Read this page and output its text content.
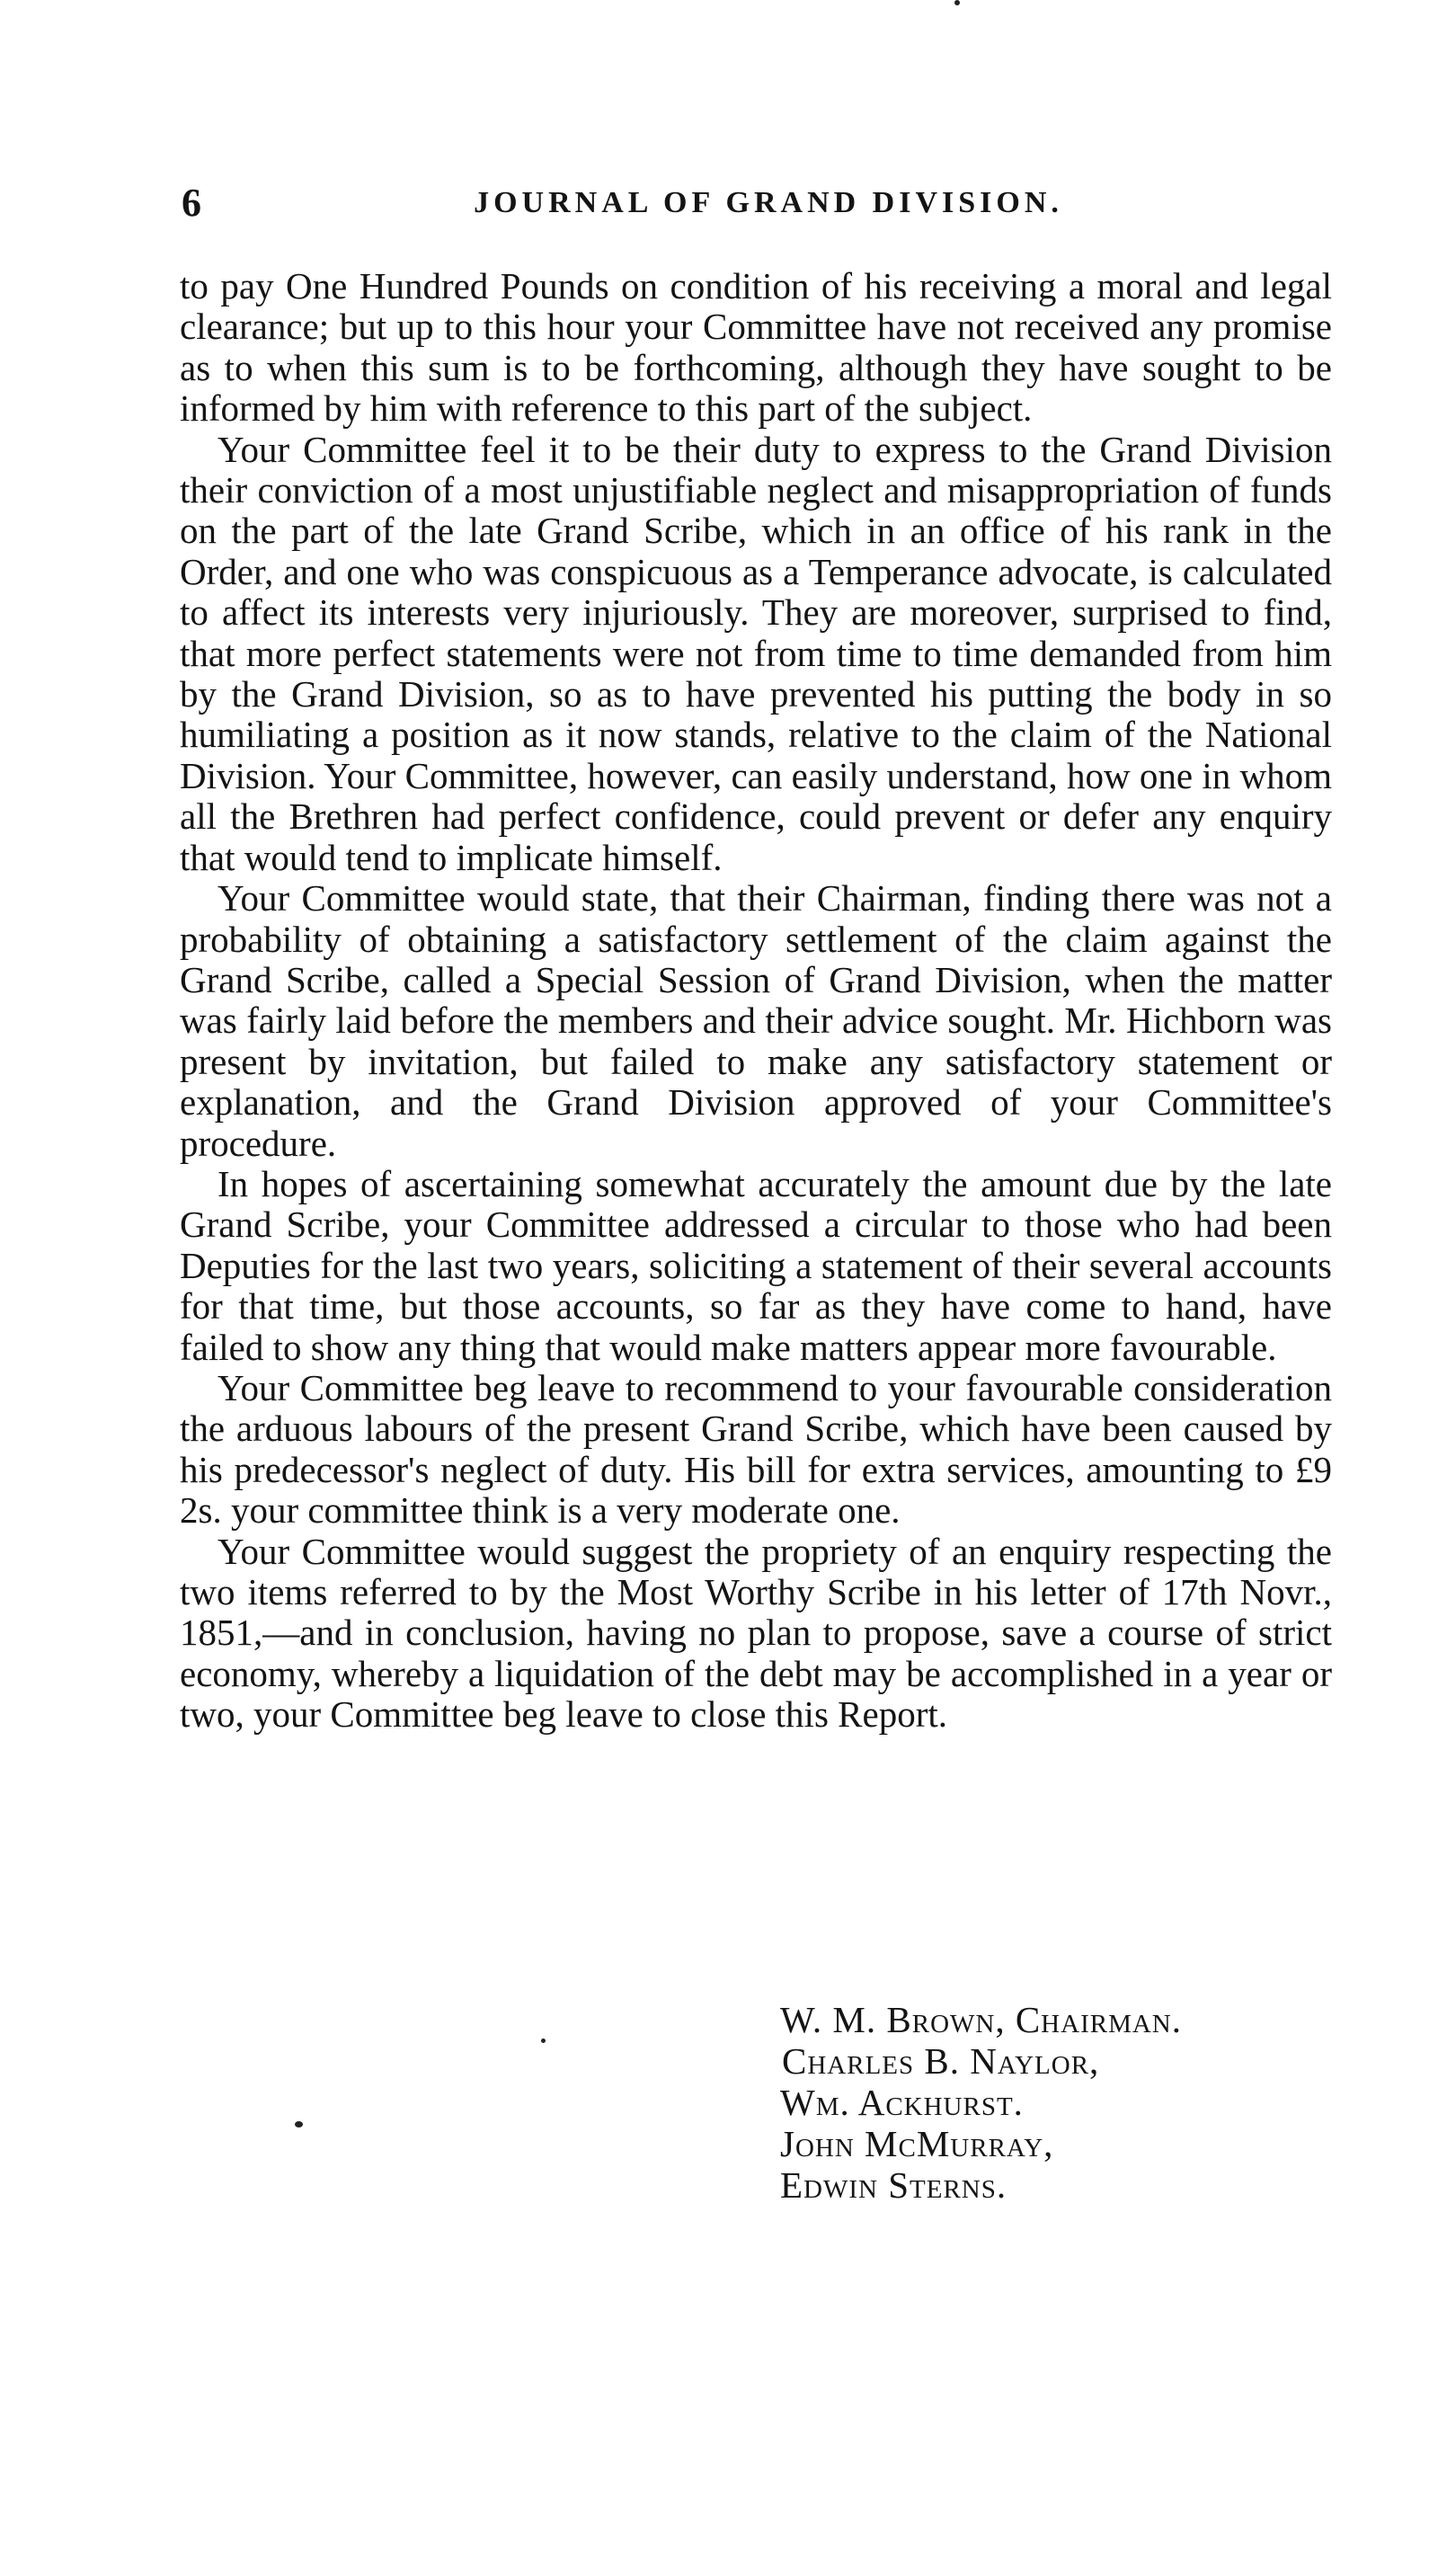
6	JOURNAL OF GRAND DIVISION.

to pay One Hundred Pounds on condition of his receiving a moral and legal clearance; but up to this hour your Committee have not received any promise as to when this sum is to be forthcoming, although they have sought to be informed by him with reference to this part of the subject.

Your Committee feel it to be their duty to express to the Grand Division their conviction of a most unjustifiable neglect and misappropriation of funds on the part of the late Grand Scribe, which in an office of his rank in the Order, and one who was conspicuous as a Temperance advocate, is calculated to affect its interests very injuriously. They are moreover, surprised to find, that more perfect statements were not from time to time demanded from him by the Grand Division, so as to have prevented his putting the body in so humiliating a position as it now stands, relative to the claim of the National Division. Your Committee, however, can easily understand, how one in whom all the Brethren had perfect confidence, could prevent or defer any enquiry that would tend to implicate himself.

Your Committee would state, that their Chairman, finding there was not a probability of obtaining a satisfactory settlement of the claim against the Grand Scribe, called a Special Session of Grand Division, when the matter was fairly laid before the members and their advice sought. Mr. Hichborn was present by invitation, but failed to make any satisfactory statement or explanation, and the Grand Division approved of your Committee's procedure.

In hopes of ascertaining somewhat accurately the amount due by the late Grand Scribe, your Committee addressed a circular to those who had been Deputies for the last two years, soliciting a statement of their several accounts for that time, but those accounts, so far as they have come to hand, have failed to show any thing that would make matters appear more favourable.

Your Committee beg leave to recommend to your favourable consideration the arduous labours of the present Grand Scribe, which have been caused by his predecessor's neglect of duty. His bill for extra services, amounting to £9 2s. your committee think is a very moderate one.

Your Committee would suggest the propriety of an enquiry respecting the two items referred to by the Most Worthy Scribe in his letter of 17th Novr., 1851,—and in conclusion, having no plan to propose, save a course of strict economy, whereby a liquidation of the debt may be accomplished in a year or two, your Committee beg leave to close this Report.

W. M. Brown, Chairman.
Charles B. Naylor,
Wm. Ackhurst.
John McMurray,
Edwin Sterns.
